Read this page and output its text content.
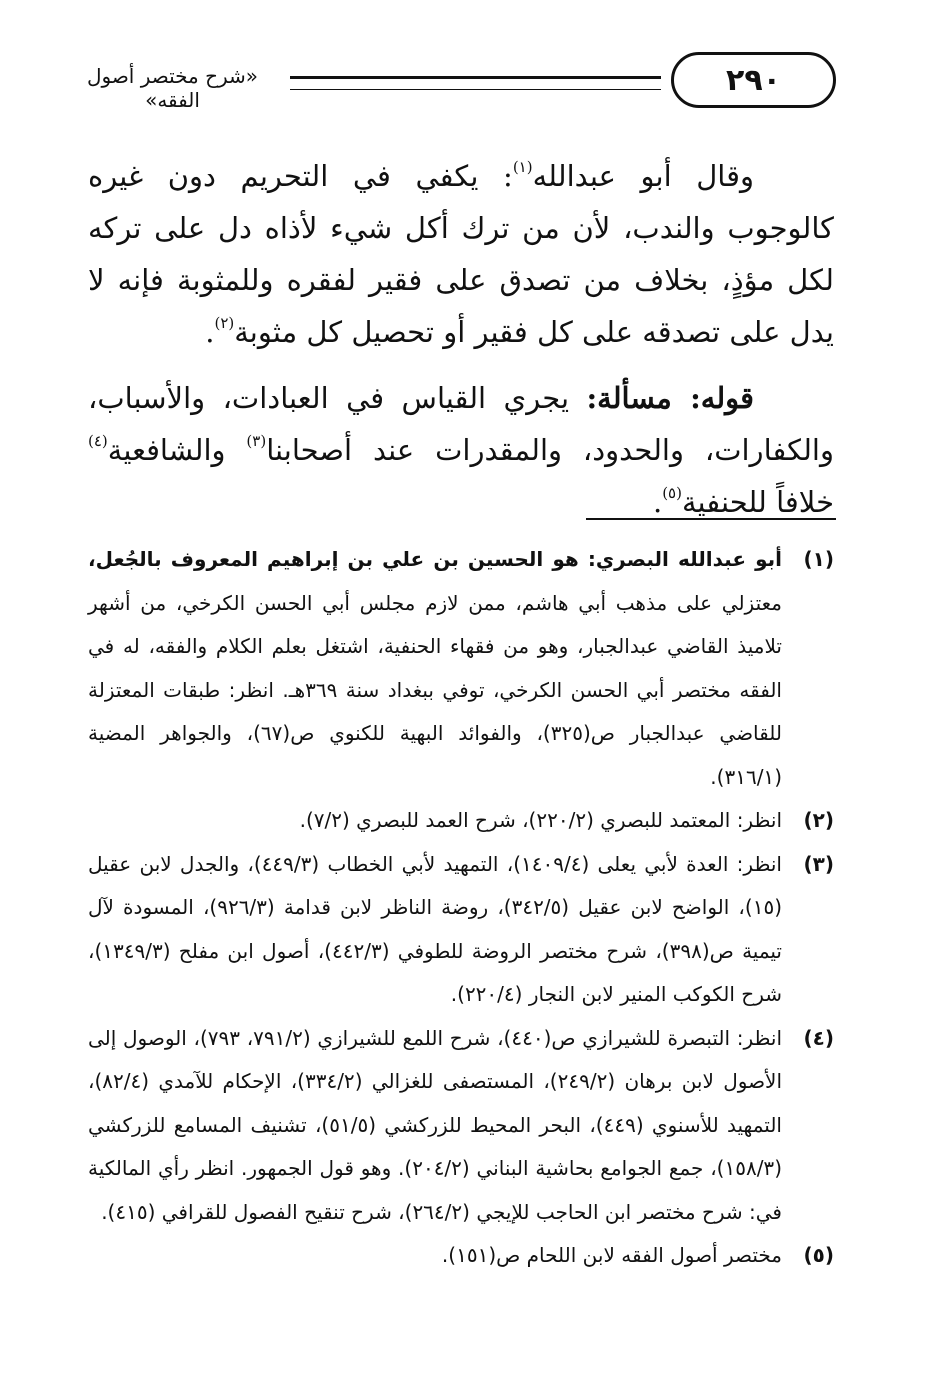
٢٩٠
«شرح مختصر أصول الفقه»

وقال أبو عبدالله$^{(١)}$: يكفي في التحريم دون غيره كالوجوب والندب، لأن من ترك أكل شيء لأذاه دل على تركه لكل مؤذٍ، بخلاف من تصدق على فقير لفقره وللمثوبة فإنه لا يدل على تصدقه على كل فقير أو تحصيل كل مثوبة$^{(٢)}$.

قوله: مسألة: يجري القياس في العبادات، والأسباب، والكفارات، والحدود، والمقدرات عند أصحابنا$^{(٣)}$ والشافعية$^{(٤)}$ خلافاً للحنفية$^{(٥)}$.

(١)
أبو عبدالله البصري: هو الحسين بن علي بن إبراهيم المعروف بالجُعل، معتزلي على مذهب أبي هاشم، ممن لازم مجلس أبي الحسن الكرخي، من أشهر تلاميذ القاضي عبدالجبار، وهو من فقهاء الحنفية، اشتغل بعلم الكلام والفقه، له في الفقه مختصر أبي الحسن الكرخي، توفي ببغداد سنة ٣٦٩هـ. انظر: طبقات المعتزلة للقاضي عبدالجبار ص(٣٢٥)، والفوائد البهية للكنوي ص(٦٧)، والجواهر المضية (٣١٦/١).
(٢)
انظر: المعتمد للبصري (٢٢٠/٢)، شرح العمد للبصري (٧/٢).
(٣)
انظر: العدة لأبي يعلى (١٤٠٩/٤)، التمهيد لأبي الخطاب (٤٤٩/٣)، والجدل لابن عقيل (١٥)، الواضح لابن عقيل (٣٤٢/٥)، روضة الناظر لابن قدامة (٩٢٦/٣)، المسودة لآل تيمية ص(٣٩٨)، شرح مختصر الروضة للطوفي (٤٤٢/٣)، أصول ابن مفلح (١٣٤٩/٣)، شرح الكوكب المنير لابن النجار (٢٢٠/٤).
(٤)
انظر: التبصرة للشيرازي ص(٤٤٠)، شرح اللمع للشيرازي (٧٩١/٢، ٧٩٣)، الوصول إلى الأصول لابن برهان (٢٤٩/٢)، المستصفى للغزالي (٣٣٤/٢)، الإحكام للآمدي (٨٢/٤)، التمهيد للأسنوي (٤٤٩)، البحر المحيط للزركشي (٥١/٥)، تشنيف المسامع للزركشي (١٥٨/٣)، جمع الجوامع بحاشية البناني (٢٠٤/٢). وهو قول الجمهور. انظر رأي المالكية في: شرح مختصر ابن الحاجب للإيجي (٢٦٤/٢)، شرح تنقيح الفصول للقرافي (٤١٥).
(٥)
مختصر أصول الفقه لابن اللحام ص(١٥١).
